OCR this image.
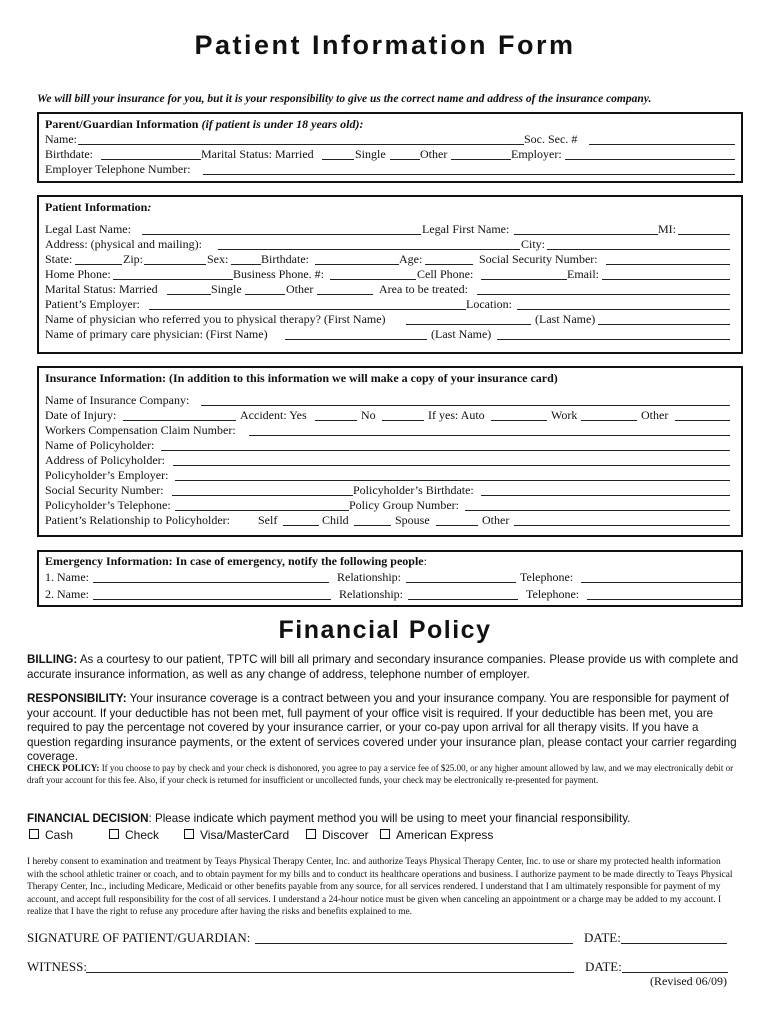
Patient Information Form
We will bill your insurance for you, but it is your responsibility to give us the correct name and address of the insurance company.
Parent/Guardian Information (if patient is under 18 years old):
Name:	Soc. Sec. #
Birthdate:	Marital Status: Married	Single	Other	Employer:
Employer Telephone Number:
Patient Information:
Legal Last Name:	Legal First Name:	MI:
Address: (physical and mailing):	City:
State:	Zip:	Sex:	Birthdate:	Age:	Social Security Number:
Home Phone:	Business Phone. #:	Cell Phone:	Email:
Marital Status: Married	Single	Other	Area to be treated:
Patient’s Employer:	Location:
Name of physician who referred you to physical therapy? (First Name)	(Last Name)
Name of primary care physician: (First Name)	(Last Name)
Insurance Information: (In addition to this information we will make a copy of your insurance card)
Name of Insurance Company:
Date of Injury:	Accident: Yes	No	If yes: Auto	Work	Other
Workers Compensation Claim Number:
Name of Policyholder:
Address of Policyholder:
Policyholder’s Employer:
Social Security Number:	Policyholder’s Birthdate:
Policyholder’s Telephone:	Policy Group Number:
Patient’s Relationship to Policyholder: Self	Child	Spouse	Other
Emergency Information: In case of emergency, notify the following people:
1. Name:	Relationship:	Telephone:
2. Name:	Relationship:	Telephone:
Financial Policy
BILLING: As a courtesy to our patient, TPTC will bill all primary and secondary insurance companies. Please provide us with complete and accurate insurance information, as well as any change of address, telephone number of employer.
RESPONSIBILITY: Your insurance coverage is a contract between you and your insurance company. You are responsible for payment of your account. If your deductible has not been met, full payment of your office visit is required. If your deductible has been met, you are required to pay the percentage not covered by your insurance carrier, or your co-pay upon arrival for all therapy visits. If you have a question regarding insurance payments, or the extent of services covered under your insurance plan, please contact your carrier regarding coverage.
CHECK POLICY: If you choose to pay by check and your check is dishonored, you agree to pay a service fee of $25.00, or any higher amount allowed by law, and we may electronically debit or draft your account for this fee. Also, if your check is returned for insufficient or uncollected funds, your check may be electronically re-presented for payment.
FINANCIAL DECISION: Please indicate which payment method you will be using to meet your financial responsibility.
Cash	Check	Visa/MasterCard	Discover	American Express
I hereby consent to examination and treatment by Teays Physical Therapy Center, Inc. and authorize Teays Physical Therapy Center, Inc. to use or share my protected health information with the school athletic trainer or coach, and to obtain payment for my bills and to conduct its healthcare operations and business. I authorize payment to be made directly to Teays Physical Therapy Center, Inc., including Medicare, Medicaid or other benefits payable from any source, for all services rendered. I understand that I am ultimately responsible for payment of my account, and accept full responsibility for the cost of all services. I understand a 24-hour notice must be given when canceling an appointment or a charge may be added to my account. I realize that I have the right to refuse any procedure after having the risks and benefits explained to me.
SIGNATURE OF PATIENT/GUARDIAN:	DATE:
WITNESS:	DATE:
(Revised 06/09)
